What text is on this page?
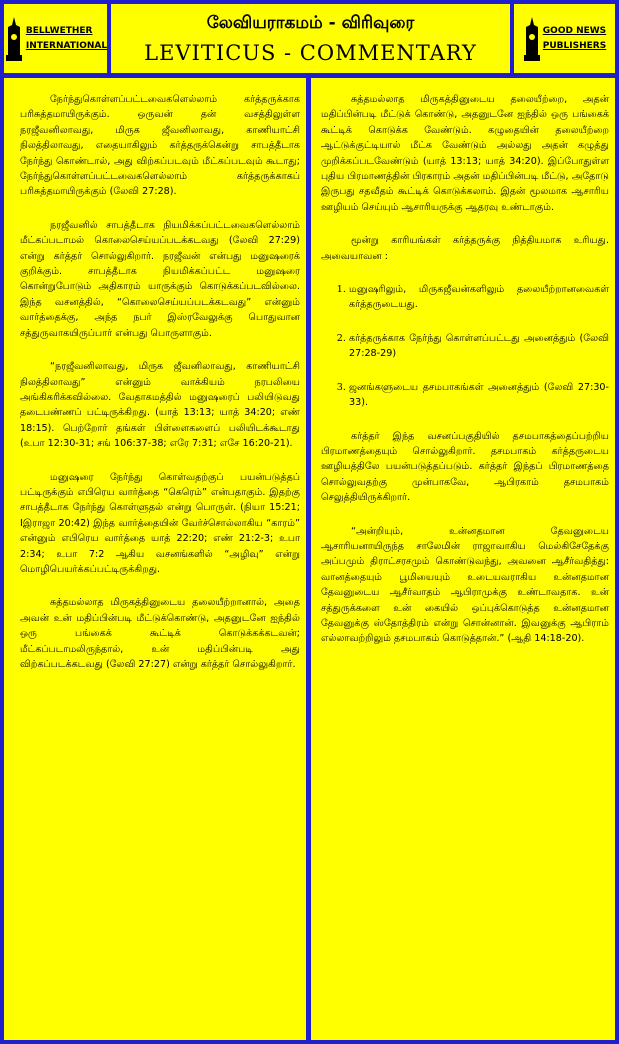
BELLWETHER
INTERNATIONAL
லேவியராகமம் - விரிவுரை
LEVITICUS - COMMENTARY
GOOD NEWS
PUBLISHERS

நேர்ந்துகொள்ளப்பட்டவைகளெல்லாம் கர்த்தருக்காக பரிசுத்தமாயிருக்கும். ஒருவன் தன் வசத்திலுள்ள நரஜீவனிலாவது, மிருக ஜீவனிலாவது, காணியாட்சி நிலத்திலாவது, எதையாகிலும் கர்த்தருக்கென்று சாபத்தீடாக நேர்ந்து கொண்டால், அது விற்கப்படவும் மீட்கப்படவும் கூடாது; நேர்ந்துகொள்ளப்பட்டவைகளெல்லாம் கர்த்தருக்காகப் பரிசுத்தமாயிருக்கும் (லேவி 27:28).

நரஜீவனில் சாபத்தீடாக நியமிக்கப்பட்டவைகளெல்லாம் மீட்கப்படாமல் கொலைசெய்யப்படக்கடவது (லேவி 27:29) என்று கர்த்தர் சொல்லுகிறார். நரஜீவன் என்பது மனுஷரைக் குறிக்கும். சாபத்தீடாக நியமிக்கப்பட்ட மனுஷரை கொன்றுபோடும் அதிகாரம் யாருக்கும் கொடுக்கப்படவில்லை. இந்த வசனத்தில், “கொலைசெய்யப்படக்கடவது” என்னும் வார்த்தைக்கு, அந்த நபர் இஸ்ரவேலுக்கு பொதுவான சத்துருவாகயிருப்பார் என்பது பொருளாகும்.

“நரஜீவனிலாவது, மிருக ஜீவனிலாவது, காணியாட்சி நிலத்திலாவது” என்னும் வாக்கியம் நரபலியை அங்கிகரிக்கவில்லை. வேதாகமத்தில் மனுஷரைப் பலியிடுவது தடைபண்ணப் பட்டிருக்கிறது. (யாத் 13:13; யாத் 34:20; எண் 18:15). பெற்றோர் தங்கள் பிள்ளைகளைப் பலியிடக்கூடாது (உபா 12:30-31; சங் 106:37-38; எரே 7:31; எசே 16:20-21).

மனுஷரை நேர்ந்து கொள்வதற்குப் பயன்படுத்தப் பட்டிருக்கும் எபிரெய வார்த்தை “கெரெம்” என்பதாகும். இதற்கு சாபத்தீடாக நேர்ந்து கொள்ளுதல் என்று பொருள். (நியா 15:21; Iஇராஜா 20:42) இந்த வார்த்தையின் வேர்ச்சொல்லாகிய “காரம்” என்னும் எபிரெய வார்த்தை யாத் 22:20; எண் 21:2-3; உபா 2:34; உபா 7:2 ஆகிய வசனங்களில் “அழிவு” என்று மொழிபெயர்க்கப்பட்டிருக்கிறது.

சுத்தமல்லாத மிருகத்தினுடைய தலையீற்றானால், அதை அவன் உன் மதிப்பின்படி மீட்டுக்கொண்டு, அதனுடனே ஐந்தில் ஒரு பங்கைக் கூட்டிக் கொடுக்கக்கடவன்; மீட்கப்படாமலிருந்தால், உன் மதிப்பின்படி அது விற்கப்படக்கடவது (லேவி 27:27) என்று கர்த்தர் சொல்லுகிறார்.

சுத்தமல்லாத மிருகத்தினுடைய தலையீற்றை, அதன் மதிப்பின்படி மீட்டுக் கொண்டு, அதனுடனே ஐந்தில் ஒரு பங்கைக் கூட்டிக் கொடுக்க வேண்டும். கழுதையின் தலையீற்றை ஆட்டுக்குட்டியால் மீட்க வேண்டும் அல்லது அதன் கழுத்து முறிக்கப்படவேண்டும் (யாத் 13:13; யாத் 34:20). இப்போதுள்ள புதிய பிரமாணத்தின் பிரகாரம் அதன் மதிப்பின்படி மீட்டு, அதோடு இருபது சதவீதம் கூட்டிக் கொடுக்கலாம். இதன் மூலமாக ஆசாரிய ஊழியம் செய்யும் ஆசாரியருக்கு ஆதரவு உண்டாகும்.

மூன்று காரியங்கள் கர்த்தருக்கு நித்தியமாக உரியது. அவையாவன :

1. மனுஷரிலும், மிருகஜீவன்களிலும் தலையீற்றானவைகள் கர்த்தருடையது.
2. கர்த்தருக்காக நேர்ந்து கொள்ளப்பட்டது அனைத்தும் (லேவி 27:28-29)
3. ஜனங்களுடைய தசமபாகங்கள் அனைத்தும் (லேவி 27:30-33).

கர்த்தர் இந்த வசனப்பகுதியில் தசமபாகத்தைப்பற்றிய பிரமாணத்தையும் சொல்லுகிறார். தசமபாகம் கர்த்தருடைய ஊழியத்திலே பயன்படுத்தப்படும். கர்த்தர் இந்தப் பிரமாணத்தை சொல்லுவதற்கு முன்பாகவே, ஆபிரகாம் தசமபாகம் செலுத்தியிருக்கிறார்.

“அன்றியும், உன்னதமான தேவனுடைய ஆசாரியனாயிருந்த சாலேமின் ராஜாவாகிய மெல்கிசேதேக்கு அப்பமும் திராட்சரசமும் கொண்டுவந்து, அவனை ஆசீர்வதித்து: வானத்தையும் பூமியையும் உடையவராகிய உன்னதமான தேவனுடைய ஆசீர்வாதம் ஆபிராமுக்கு உண்டாவதாக. உன் சத்துருக்களை உன் கையில் ஒப்புக்கொடுத்த உன்னதமான தேவனுக்கு ஸ்தோத்திரம் என்று சொன்னான். இவனுக்கு ஆபிராம் எல்லாவற்றிலும் தசமபாகம் கொடுத்தான்.” (ஆதி 14:18-20).
